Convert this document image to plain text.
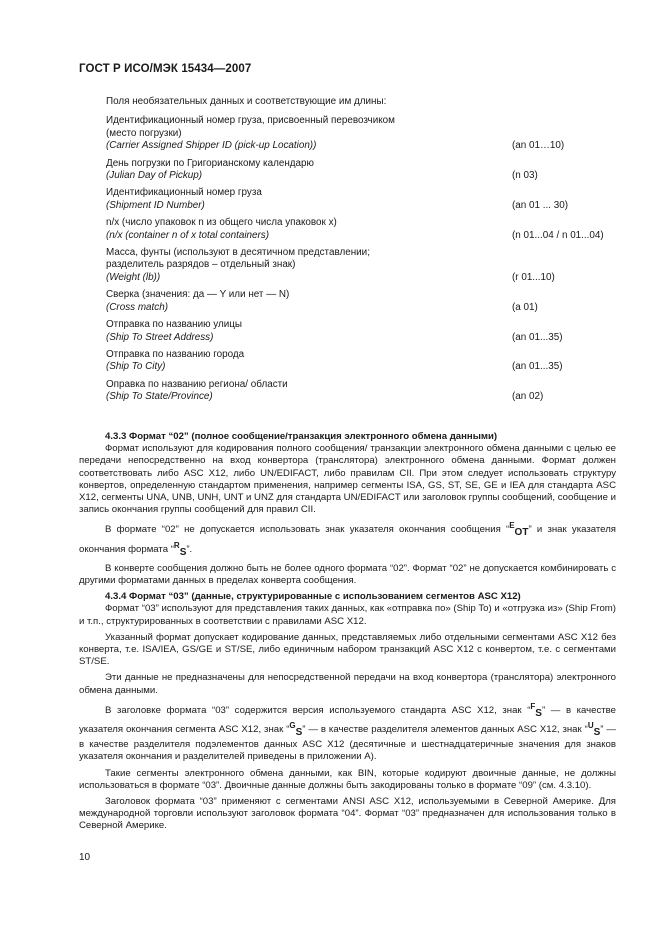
ГОСТ Р ИСО/МЭК 15434—2007
Поля необязательных данных и соответствующие им длины:
Идентификационный номер груза, присвоенный перевозчиком
(место погрузки)
(Carrier Assigned Shipper ID (pick-up Location))	(an 01…10)
День погрузки по Григорианскому календарю
(Julian Day of Pickup)	(n 03)
Идентификационный номер груза
(Shipment ID Number)	(an 01 ... 30)
n/x (число упаковок n из общего числа упаковок x)
(n/x (container n of x total containers)	(n 01...04 / n 01...04)
Масса, фунты (используют в десятичном представлении;
разделитель разрядов – отдельный знак)
(Weight (lb))	(r 01...10)
Сверка (значения: да — Y или нет — N)
(Cross match)	(a 01)
Отправка по названию улицы
(Ship To Street Address)	(an 01...35)
Отправка по названию города
(Ship To City)	(an 01...35)
Оправка по названию региона/ области
(Ship To State/Province)	(an 02)

4.3.3 Формат “02” (полное сообщение/транзакция электронного обмена данными)

Формат используют для кодирования полного сообщения/ транзакции электронного обмена данными с целью ее передачи непосредственно на вход конвертора (транслятора) электронного обмена данными. Формат должен соответствовать либо ASC X12, либо UN/EDIFACT, либо правилам CII. При этом следует использовать структуру конвертов, определенную стандартом применения, например сегменты ISA, GS, ST, SE, GE и IEA для стандарта ASC X12, сегменты UNA, UNB, UNH, UNT и UNZ для стандарта UN/EDIFACT или заголовок группы сообщений, сообщение и запись окончания группы сообщений для правил CII.

В формате “02” не допускается использовать знак указателя окончания сообщения “$^E_{OT}$” и знак указателя окончания формата “$^R_S$”.

В конверте сообщения должно быть не более одного формата “02”. Формат “02” не допускается комбинировать с другими форматами данных в пределах конверта сообщения.

4.3.4 Формат “03” (данные, структурированные с использованием сегментов ASC X12)

Формат “03” используют для представления таких данных, как «отправка по» (Ship To) и «отгрузка из» (Ship From) и т.п., структурированных в соответствии с правилами ASC X12.

Указанный формат допускает кодирование данных, представляемых либо отдельными сегментами ASC X12 без конверта, т.е. ISA/IEA, GS/GE и ST/SE, либо единичным набором транзакций ASC X12 с конвертом, т.е. с сегментами ST/SE.

Эти данные не предназначены для непосредственной передачи на вход конвертора (транслятора) электронного обмена данными.

В заголовке формата “03” содержится версия используемого стандарта ASC X12, знак “$^F_S$” — в качестве указателя окончания сегмента ASC X12, знак “$^G_S$” — в качестве разделителя элементов данных ASC X12, знак “$^U_S$” — в качестве разделителя подэлементов данных ASC X12 (десятичные и шестнадцатеричные значения для знаков указателя окончания и разделителей приведены в приложении А).

Такие сегменты электронного обмена данными, как BIN, которые кодируют двоичные данные, не должны использоваться в формате “03”. Двоичные данные должны быть закодированы только в формате “09” (см. 4.3.10).

Заголовок формата “03” применяют с сегментами ANSI ASC X12, используемыми в Северной Америке. Для международной торговли используют заголовок формата “04”. Формат “03” предназначен для использования только в Северной Америке.

10
